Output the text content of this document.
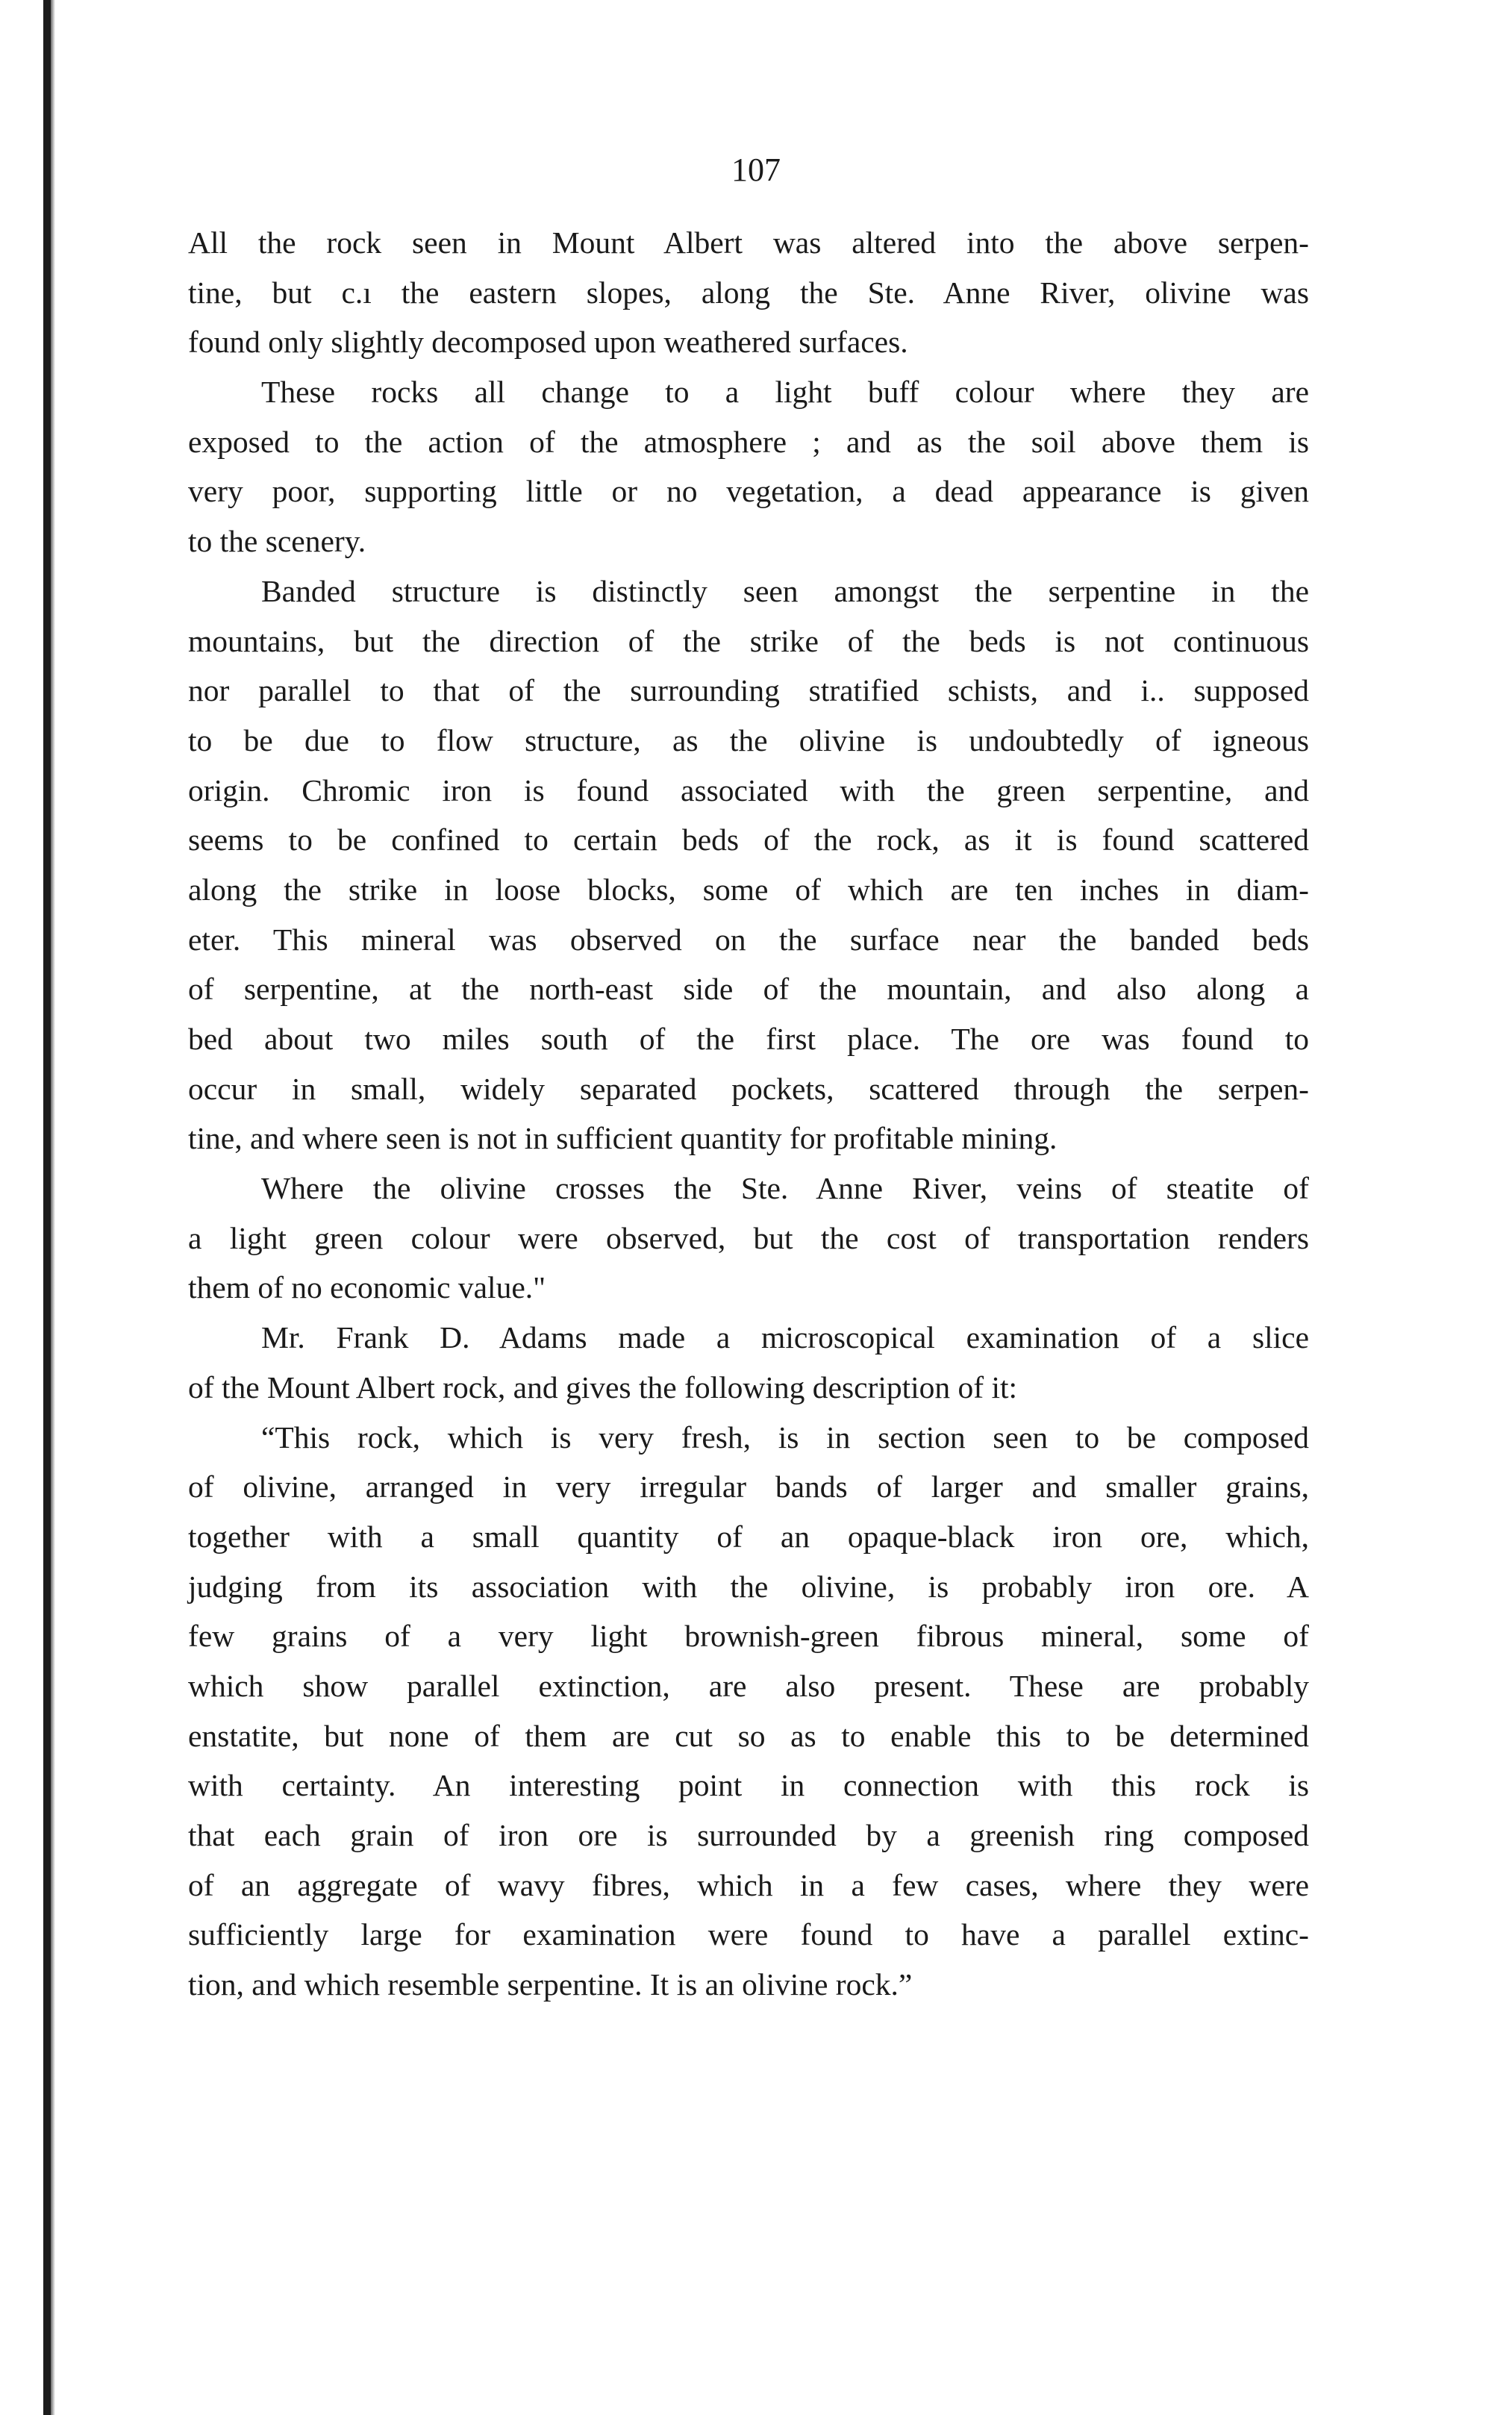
107
All the rock seen in Mount Albert was altered into the above serpen-
tine, but c.ı the eastern slopes, along the Ste. Anne River, olivine was
found only slightly decomposed upon weathered surfaces.
These rocks all change to a light buff colour where they are
exposed to the action of the atmosphere ; and as the soil above them is
very poor, supporting little or no vegetation, a dead appearance is given
to the scenery.
Banded structure is distinctly seen amongst the serpentine in the
mountains, but the direction of the strike of the beds is not continuous
nor parallel to that of the surrounding stratified schists, and i.. supposed
to be due to flow structure, as the olivine is undoubtedly of igneous
origin. Chromic iron is found associated with the green serpentine, and
seems to be confined to certain beds of the rock, as it is found scattered
along the strike in loose blocks, some of which are ten inches in diam-
eter. This mineral was observed on the surface near the banded beds
of serpentine, at the north-east side of the mountain, and also along a
bed about two miles south of the first place. The ore was found to
occur in small, widely separated pockets, scattered through the serpen-
tine, and where seen is not in sufficient quantity for profitable mining.
Where the olivine crosses the Ste. Anne River, veins of steatite of
a light green colour were observed, but the cost of transportation renders
them of no economic value."
Mr. Frank D. Adams made a microscopical examination of a slice
of the Mount Albert rock, and gives the following description of it:
“This rock, which is very fresh, is in section seen to be composed
of olivine, arranged in very irregular bands of larger and smaller grains,
together with a small quantity of an opaque-black iron ore, which,
judging from its association with the olivine, is probably iron ore. A
few grains of a very light brownish-green fibrous mineral, some of
which show parallel extinction, are also present. These are probably
enstatite, but none of them are cut so as to enable this to be determined
with certainty. An interesting point in connection with this rock is
that each grain of iron ore is surrounded by a greenish ring composed
of an aggregate of wavy fibres, which in a few cases, where they were
sufficiently large for examination were found to have a parallel extinc-
tion, and which resemble serpentine. It is an olivine rock.”
